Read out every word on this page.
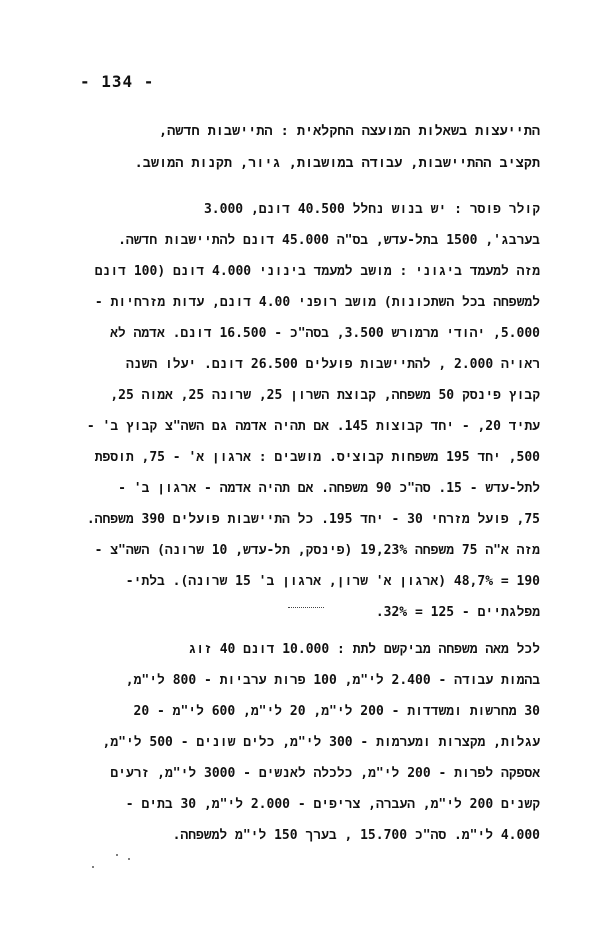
- 134 -
התייעצות בשאלות המועצה החקלאית : התיישבות חדשה,
תקציב ההתיישבות, עבודה במושבות, גיור, תקנות המושב.
קולר פוסר : יש בנוש נחלל 40.500 דונם, 3.000
בערבג', 1500 בתל-עדש, בס"ה 45.000 דונם להתיישבות חדשה.
מזה למעמד ביגוני : מושב למעמד בינוני 4.000 דונם (100 דונם
למשפחה בכל השתכונות) מושב רופני 4.00 דונם, עדות מזרחיות -
5.000, יהודי מרמורש 3.500, בסה"כ - 16.500 דונם. אדמה לא
ראויה 2.000 , להתיישבות פועלים 26.500 דונם. יעלו השנה
קבוץ פינסק 50 משפחה, קבוצת השרון 25, שרונה 25, אמוה 25,
עתיד 20, - יחד קבוצות 145. אם תהיה אדמה גם השה"צ קבוץ ב' -
500, יחד 195 משפחות קבוציס. מושבים : ארגון א' - 75, תוספת
לתל-עדש - 15. סה"כ 90 משפחה. אם תהיה אדמה - ארגון ב' -
75, פועל מזרחי 30 - יחד 195. כל התיישבות פועלים 390 משפחה.
מזה א"ה 75 משפחה 19,23% (פינסק, תל-עדש, 10 שרונה) השה"צ -
190 = 48,7% (ארגון א' שרון, ארגון ב' 15 שרונה). בלתי-
מפלגתיים - 125 = 32%.
לכל מאה משפחה מביקשם לתת : 10.000 דונם 40 זוג
בהמות עבודה - 2.400 לי"מ, 100 פרות ערביות - 800 לי"מ,
30 מחרשות ומשדדות - 200 לי"מ, 20 לי"מ, 600 לי"מ - 20
עגלות, מקצרות ומערמות - 300 לי"מ, כלים שונים - 500 לי"מ,
אספקה לפרות - 200 לי"מ, כלכלה לאנשים - 3000 לי"מ, זרעים
קשנים 200 לי"מ, העברה, צריפים - 2.000 לי"מ, 30 בתים -
4.000 לי"מ. סה"כ 15.700 , בערך 150 לי"מ למשפחה.
